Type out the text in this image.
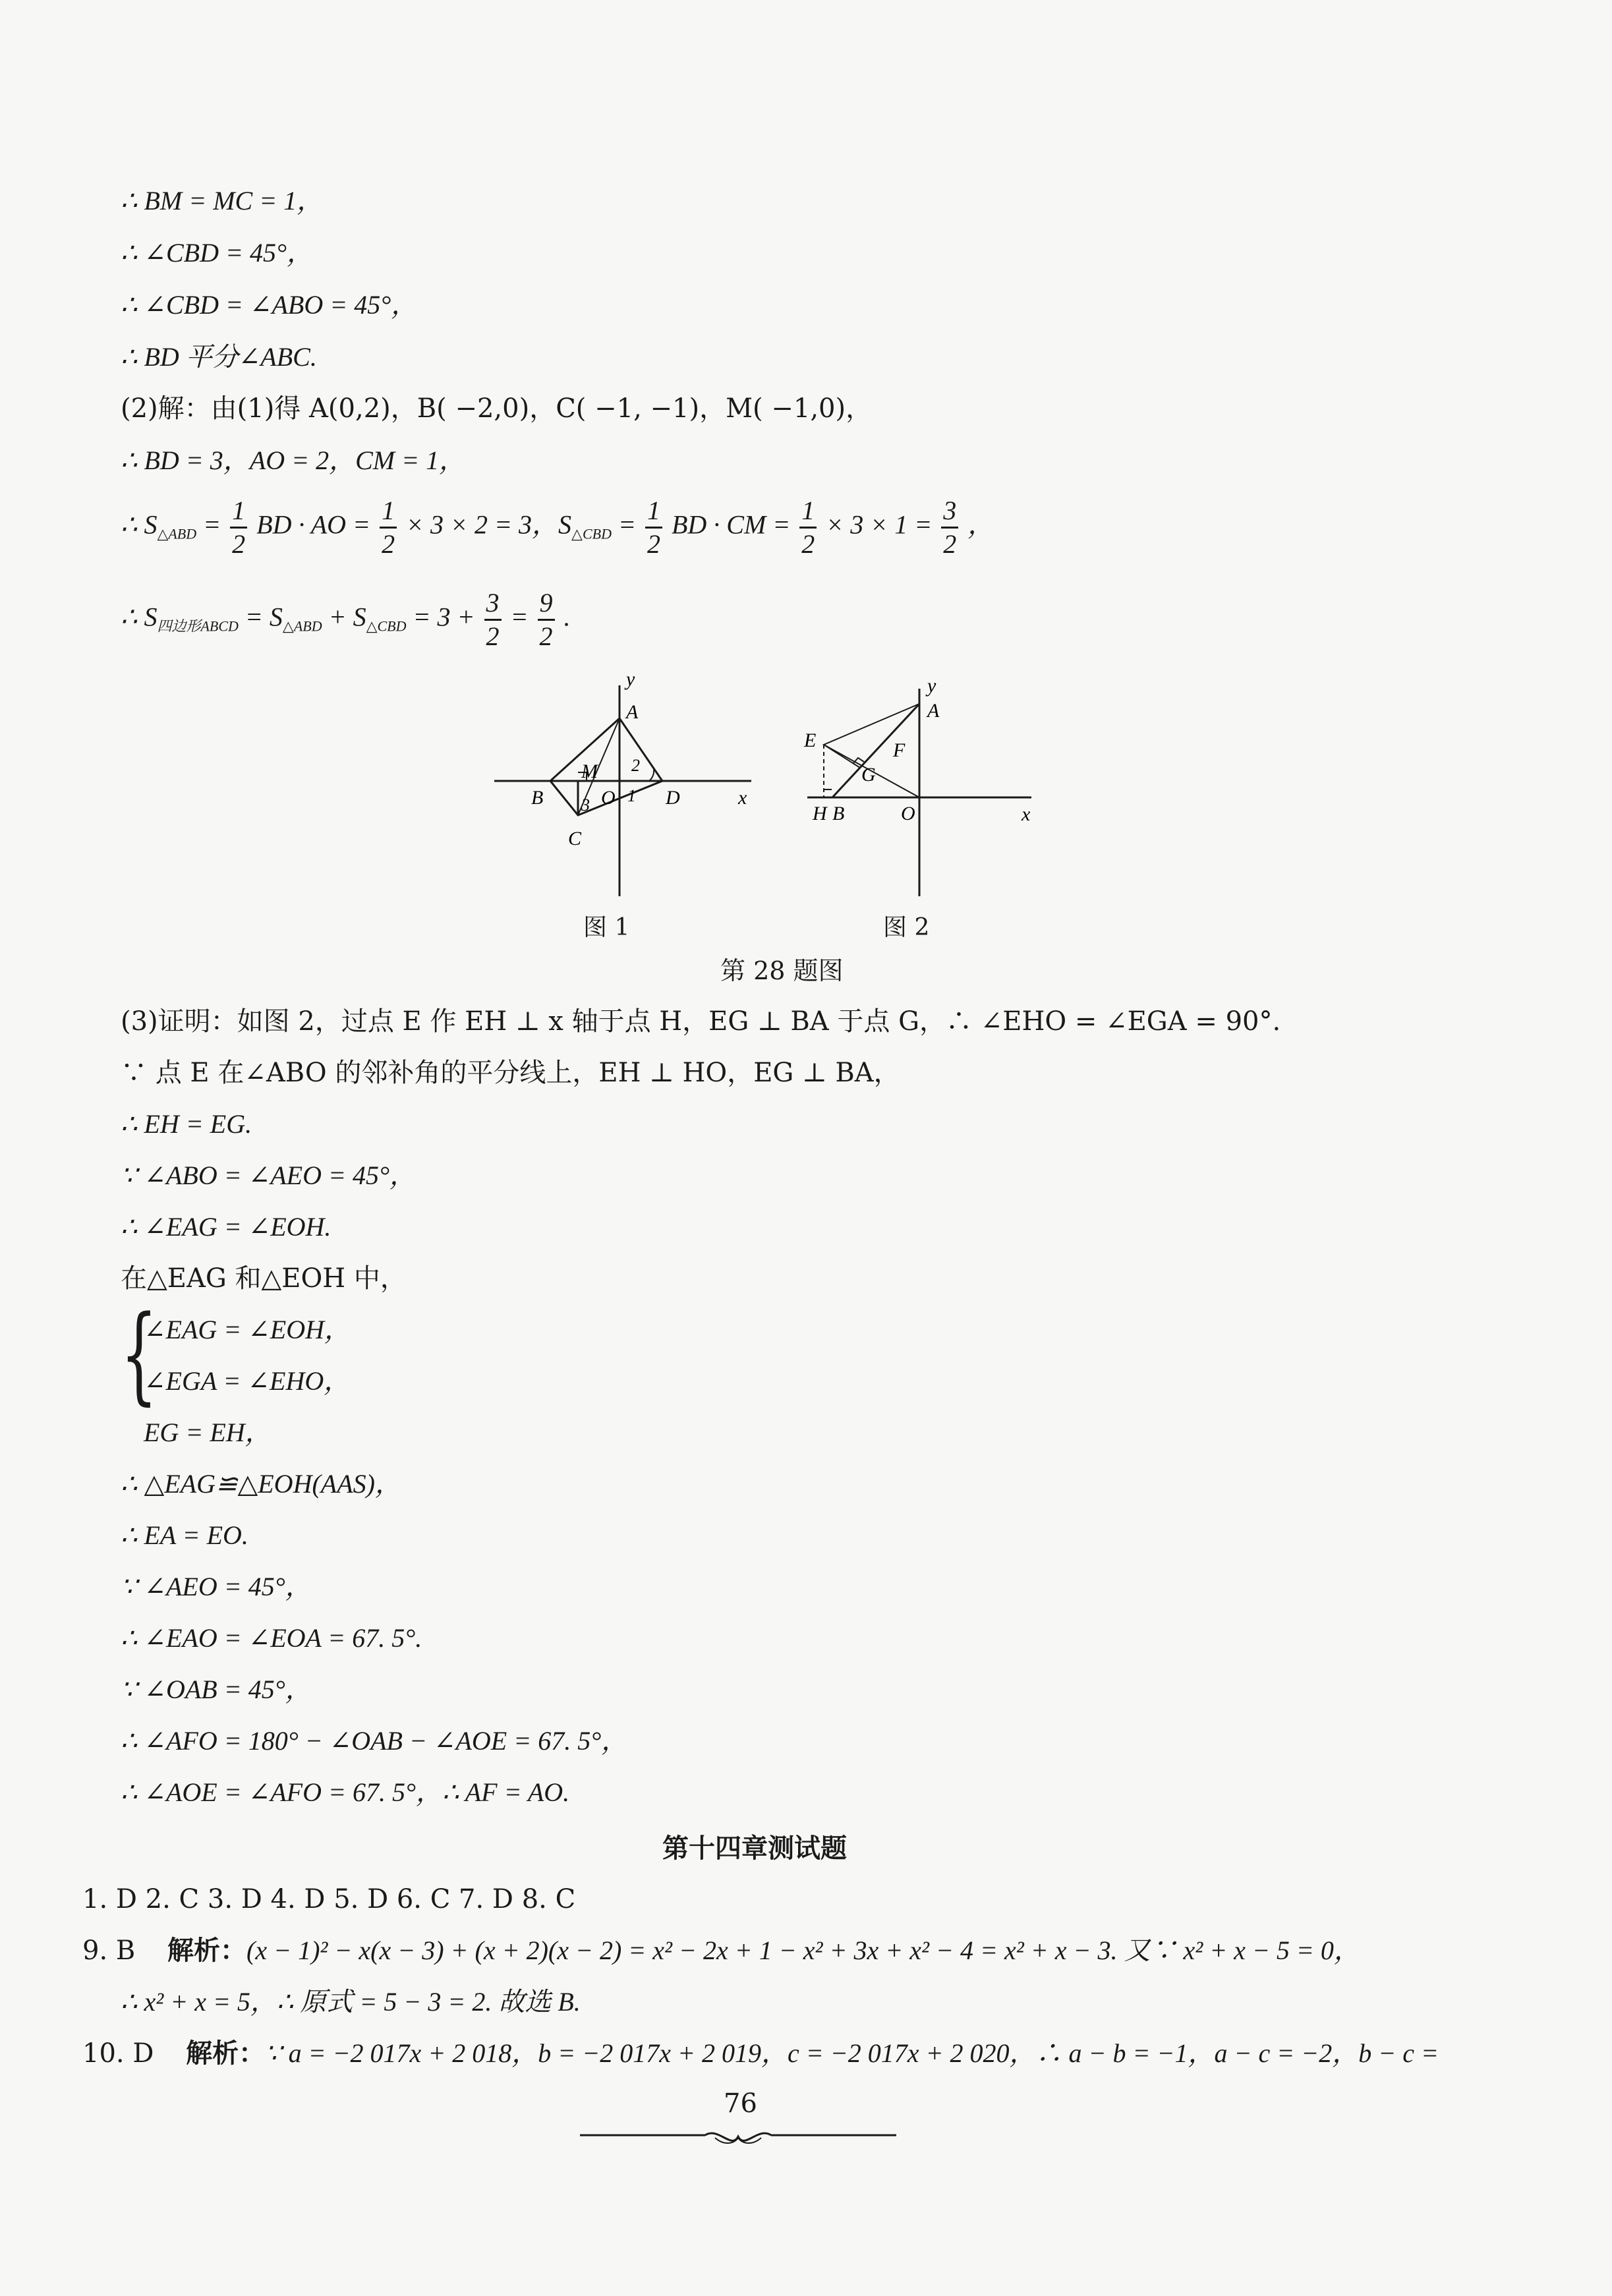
∴ BM = MC = 1，
∴ ∠CBD = 45°，
∴ ∠CBD = ∠ABO = 45°，
∴ BD 平分∠ABC.
(2)解：由(1)得 A(0,2)，B( −2,0)，C( −1, −1)，M( −1,0)，
∴ BD = 3，AO = 2，CM = 1，
∴ $S_{\triangle ABD} = \frac{1}{2}$ BD · AO = $\frac{1}{2} \times 3 \times 2 = 3$，$S_{\triangle CBD} = \frac{1}{2}$ BD · CM = $\frac{1}{2} \times 3 \times 1 = \frac{3}{2}$ ，
∴ $S_{四边形ABCD} = S_{\triangle ABD} + S_{\triangle CBD} = 3 + \frac{3}{2} = \frac{9}{2}$ .
y
x
A
B
C
D
M
O 1
2
3
y
x
A
B
E	F
G
H	O
图 1	图 2
第 28 题图
(3)证明：如图 2，过点 E 作 EH ⊥ x 轴于点 H，EG ⊥ BA 于点 G，∴ ∠EHO = ∠EGA = 90°.
∵ 点 E 在∠ABO 的邻补角的平分线上，EH ⊥ HO，EG ⊥ BA，
∴ EH = EG.
∵ ∠ABO = ∠AEO = 45°，
∴ ∠EAG = ∠EOH.
在△EAG 和△EOH 中，
{
∠EAG = ∠EOH，
∠EGA = ∠EHO，
EG = EH，
∴ △EAG≌△EOH(AAS)，
∴ EA = EO.
∵ ∠AEO = 45°，
∴ ∠EAO = ∠EOA = 67. 5°.
∵ ∠OAB = 45°，
∴ ∠AFO = 180° − ∠OAB − ∠AOE = 67. 5°，
∴ ∠AOE = ∠AFO = 67. 5°，∴ AF = AO.
第十四章测试题
1. D 2. C 3. D 4. D 5. D 6. C 7. D 8. C
9. B 解析：(x − 1)² − x(x − 3) + (x + 2)(x − 2) = x² − 2x + 1 − x² + 3x + x² − 4 = x² + x − 3. 又∵ x² + x − 5 = 0，
∴ x² + x = 5，∴ 原式 = 5 − 3 = 2. 故选 B.
10. D 解析：∵ a = −2 017x + 2 018，b = −2 017x + 2 019，c = −2 017x + 2 020，∴ a − b = −1，a − c = −2，b − c =
76
